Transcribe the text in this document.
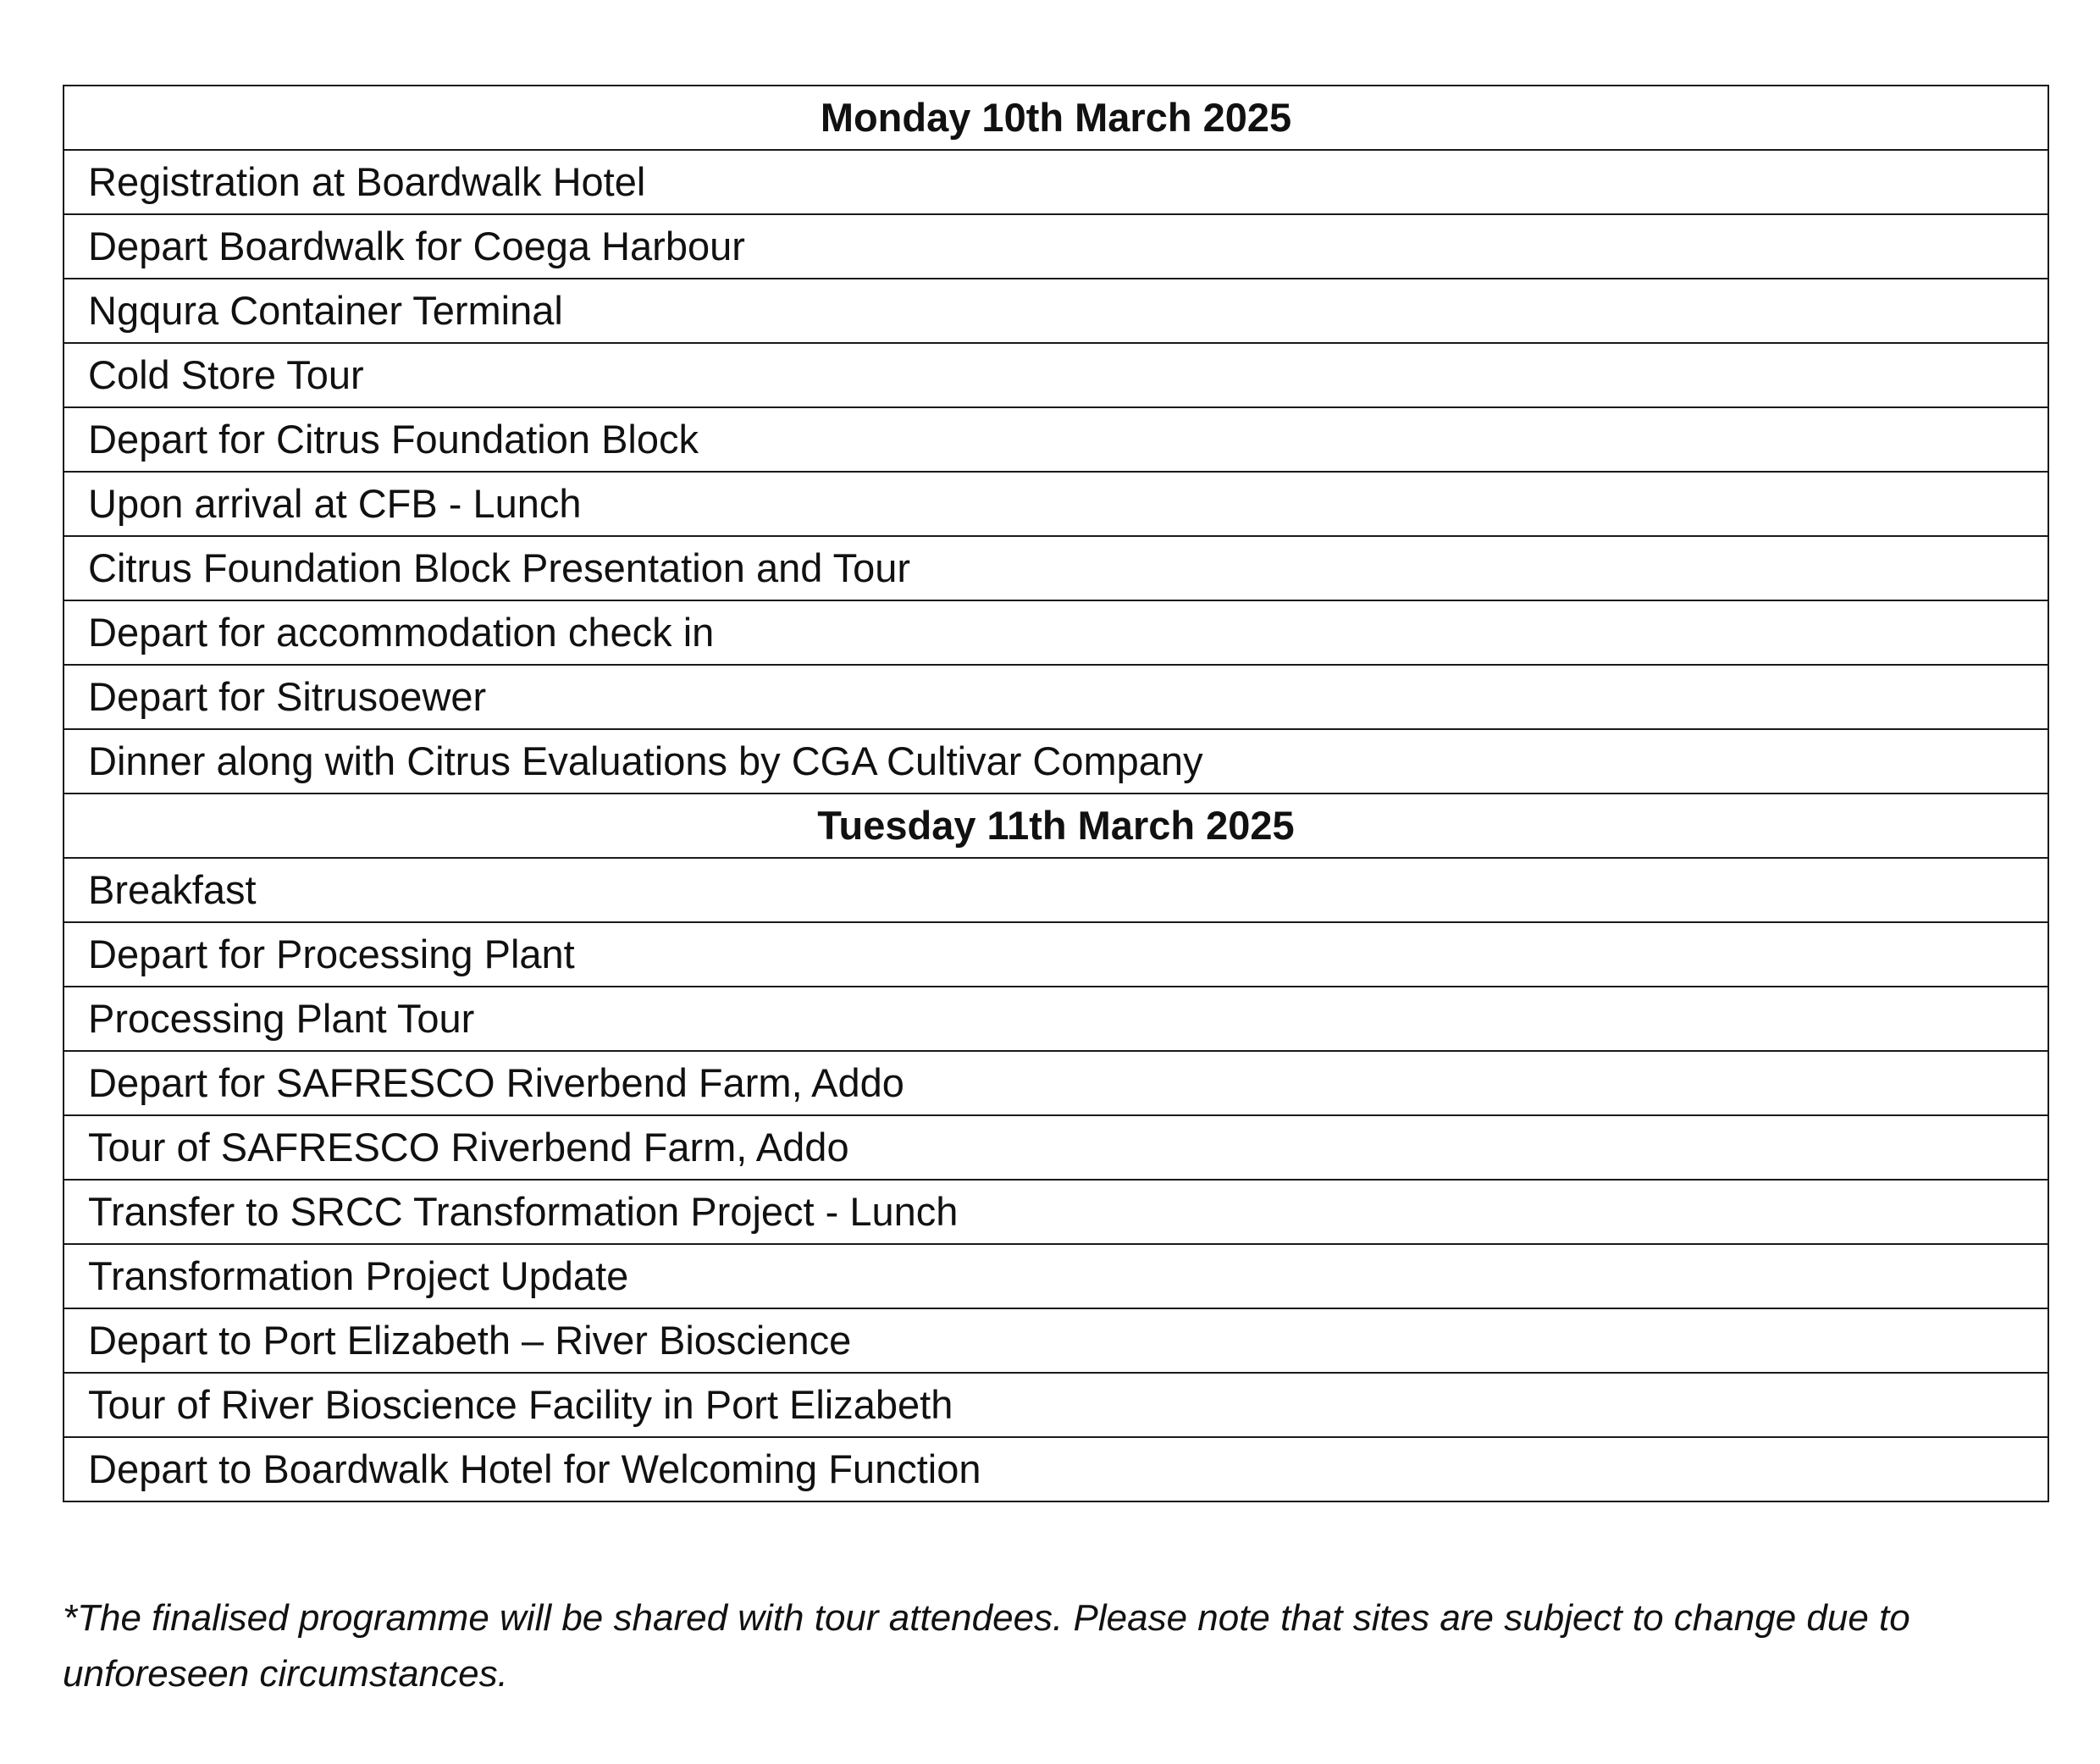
Monday 10th March 2025
Registration at Boardwalk Hotel
Depart Boardwalk for Coega Harbour
Ngqura Container Terminal
Cold Store Tour
Depart for Citrus Foundation Block
Upon arrival at CFB - Lunch
Citrus Foundation Block Presentation and Tour
Depart for accommodation check in
Depart for Sitrusoewer
Dinner along with Citrus Evaluations by CGA Cultivar Company
Tuesday 11th March 2025
Breakfast
Depart for Processing Plant
Processing Plant Tour
Depart for SAFRESCO Riverbend Farm, Addo
Tour of SAFRESCO Riverbend Farm, Addo
Transfer to SRCC Transformation Project - Lunch
Transformation Project Update
Depart to Port Elizabeth – River Bioscience
Tour of River Bioscience Facility in Port Elizabeth
Depart to Boardwalk Hotel for Welcoming Function

*The finalised programme will be shared with tour attendees. Please note that sites are subject to change due to unforeseen circumstances.
